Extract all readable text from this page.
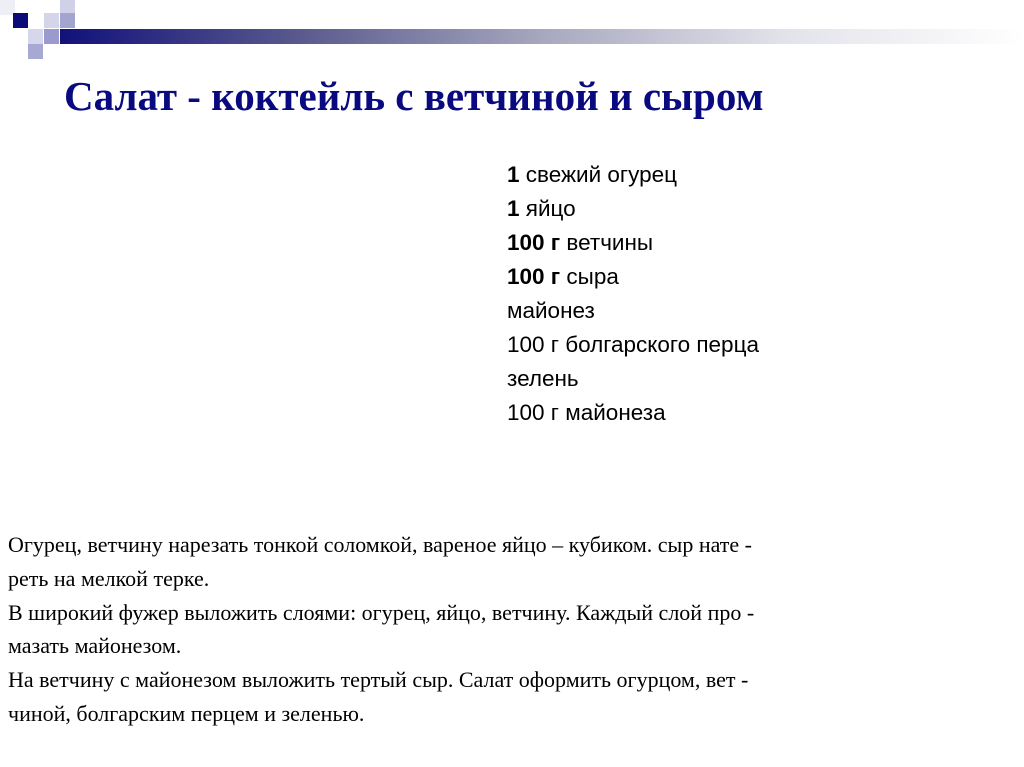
Салат - коктейль с ветчиной и сыром
1 свежий огурец
1 яйцо
100 г ветчины
100 г сыра
майонез
100 г болгарского перца
зелень
100 г майонеза

Огурец, ветчину нарезать тонкой соломкой, вареное яйцо – кубиком. сыр нате -
реть на мелкой терке.
В широкий фужер выложить слоями: огурец, яйцо, ветчину. Каждый слой про -
мазать майонезом.
На ветчину с майонезом выложить тертый сыр. Салат оформить огурцом, вет -
чиной, болгарским перцем и зеленью.
